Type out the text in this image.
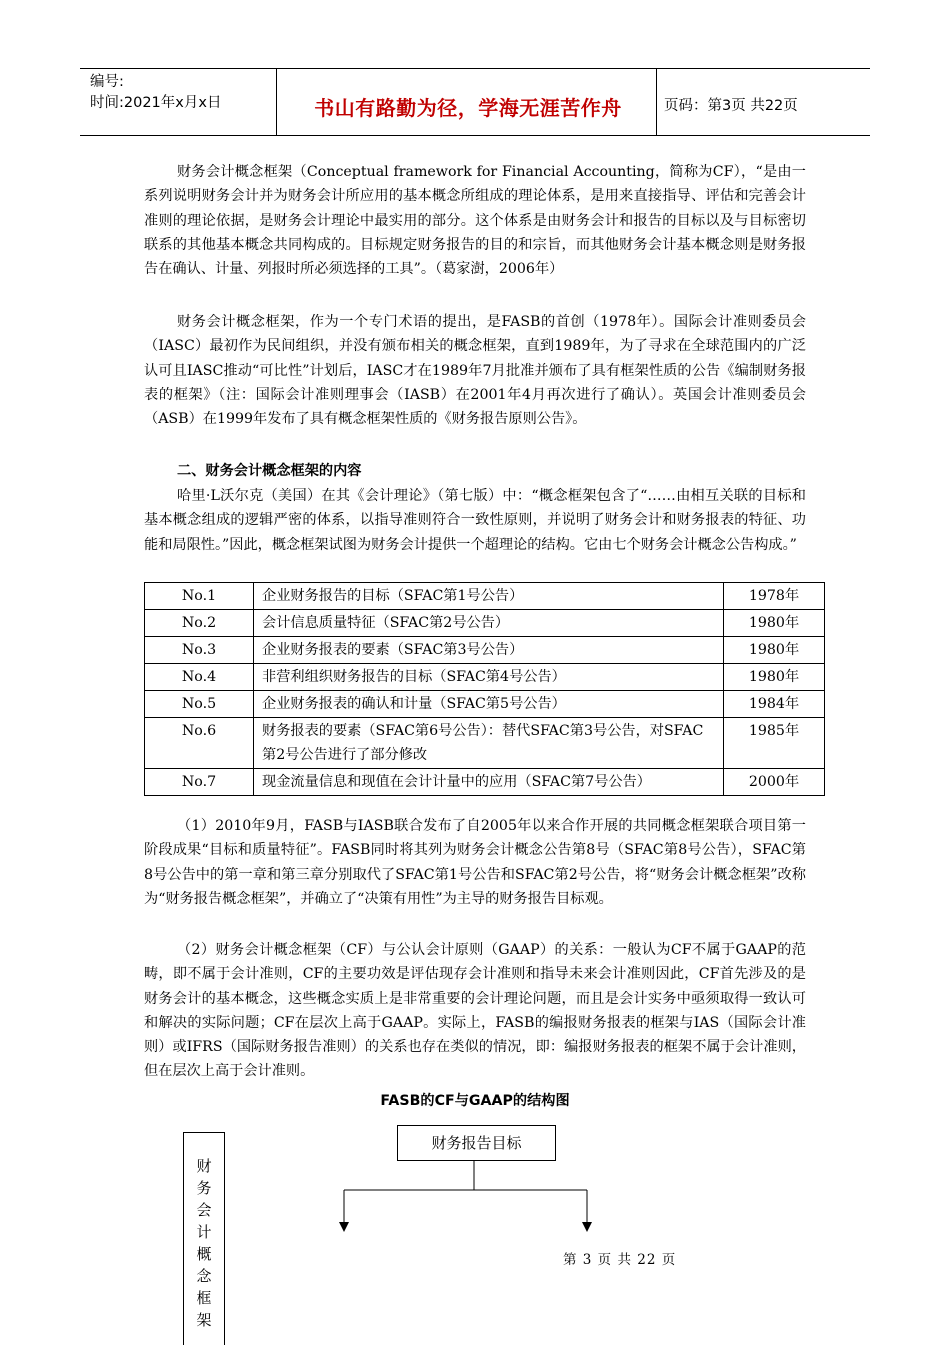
编号:
时间:2021年x月x日	书山有路勤为径，学海无涯苦作舟	页码：第3页 共22页

财务会计概念框架（Conceptual framework for Financial Accounting，简称为CF），“是由一系列说明财务会计并为财务会计所应用的基本概念所组成的理论体系，是用来直接指导、评估和完善会计准则的理论依据，是财务会计理论中最实用的部分。这个体系是由财务会计和报告的目标以及与目标密切联系的其他基本概念共同构成的。目标规定财务报告的目的和宗旨，而其他财务会计基本概念则是财务报告在确认、计量、列报时所必须选择的工具”。（葛家澍，2006年）

财务会计概念框架，作为一个专门术语的提出，是FASB的首创（1978年）。国际会计准则委员会（IASC）最初作为民间组织，并没有颁布相关的概念框架，直到1989年，为了寻求在全球范围内的广泛认可且IASC推动“可比性”计划后，IASC才在1989年7月批准并颁布了具有框架性质的公告《编制财务报表的框架》（注：国际会计准则理事会（IASB）在2001年4月再次进行了确认）。英国会计准则委员会（ASB）在1999年发布了具有概念框架性质的《财务报告原则公告》。

二、财务会计概念框架的内容

哈里·L沃尔克（美国）在其《会计理论》（第七版）中：“概念框架包含了“……由相互关联的目标和基本概念组成的逻辑严密的体系，以指导准则符合一致性原则，并说明了财务会计和财务报表的特征、功能和局限性。”因此，概念框架试图为财务会计提供一个超理论的结构。它由七个财务会计概念公告构成。”

No.1	企业财务报告的目标（SFAC第1号公告）	1978年
No.2	会计信息质量特征（SFAC第2号公告）	1980年
No.3	企业财务报表的要素（SFAC第3号公告）	1980年
No.4	非营利组织财务报告的目标（SFAC第4号公告）	1980年
No.5	企业财务报表的确认和计量（SFAC第5号公告）	1984年
No.6	财务报表的要素（SFAC第6号公告）：替代SFAC第3号公告，对SFAC第2号公告进行了部分修改	1985年
No.7	现金流量信息和现值在会计计量中的应用（SFAC第7号公告）	2000年

（1）2010年9月，FASB与IASB联合发布了自2005年以来合作开展的共同概念框架联合项目第一阶段成果“目标和质量特征”。FASB同时将其列为财务会计概念公告第8号（SFAC第8号公告），SFAC第8号公告中的第一章和第三章分别取代了SFAC第1号公告和SFAC第2号公告，将“财务会计概念框架”改称为“财务报告概念框架”，并确立了“决策有用性”为主导的财务报告目标观。

（2）财务会计概念框架（CF）与公认会计原则（GAAP）的关系：一般认为CF不属于GAAP的范畴，即不属于会计准则，CF的主要功效是评估现存会计准则和指导未来会计准则因此，CF首先涉及的是财务会计的基本概念，这些概念实质上是非常重要的会计理论问题，而且是会计实务中亟须取得一致认可和解决的实际问题；CF在层次上高于GAAP。实际上，FASB的编报财务报表的框架与IAS（国际会计准则）或IFRS（国际财务报告准则）的关系也存在类似的情况，即：编报财务报表的框架不属于会计准则，但在层次上高于会计准则。

FASB的CF与GAAP的结构图
财
务
会
计
概
念
框
架
财务报告目标
第 3 页 共 22 页
